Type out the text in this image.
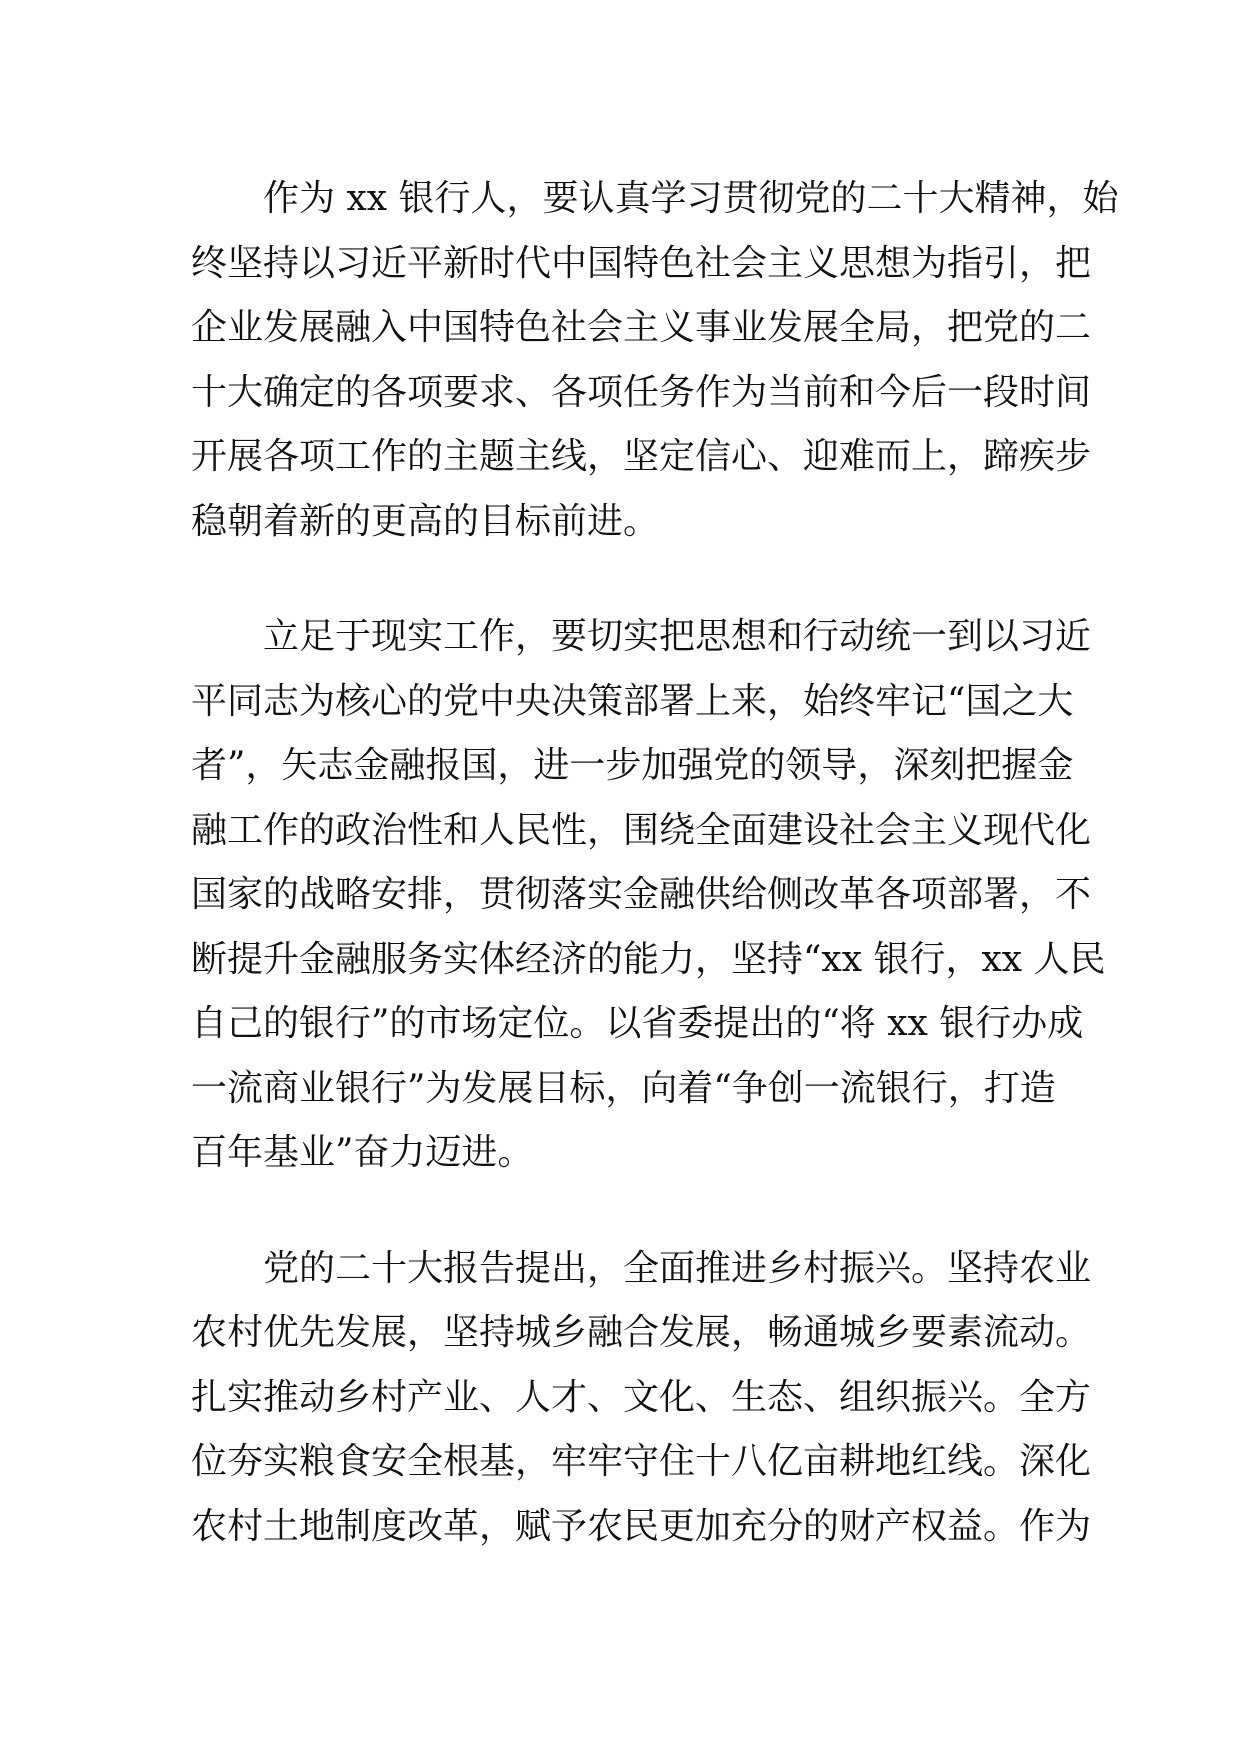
作为 xx 银行人，要认真学习贯彻党的二十大精神，始
终坚持以习近平新时代中国特色社会主义思想为指引，把
企业发展融入中国特色社会主义事业发展全局，把党的二
十大确定的各项要求、各项任务作为当前和今后一段时间
开展各项工作的主题主线，坚定信心、迎难而上，蹄疾步
稳朝着新的更高的目标前进。
立足于现实工作，要切实把思想和行动统一到以习近
平同志为核心的党中央决策部署上来，始终牢记“国之大
者”，矢志金融报国，进一步加强党的领导，深刻把握金
融工作的政治性和人民性，围绕全面建设社会主义现代化
国家的战略安排，贯彻落实金融供给侧改革各项部署，不
断提升金融服务实体经济的能力，坚持“xx 银行，xx 人民
自己的银行”的市场定位。以省委提出的“将 xx 银行办成
一流商业银行”为发展目标，向着“争创一流银行，打造
百年基业”奋力迈进。
党的二十大报告提出，全面推进乡村振兴。坚持农业
农村优先发展，坚持城乡融合发展，畅通城乡要素流动。
扎实推动乡村产业、人才、文化、生态、组织振兴。全方
位夯实粮食安全根基，牢牢守住十八亿亩耕地红线。深化
农村土地制度改革，赋予农民更加充分的财产权益。作为
